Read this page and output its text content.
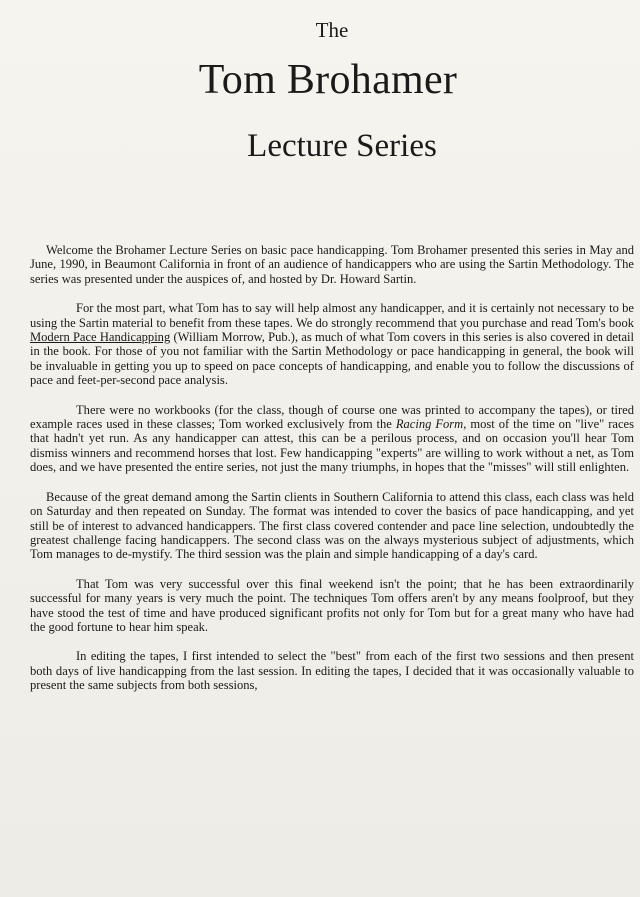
The
Tom Brohamer
Lecture Series

Welcome the Brohamer Lecture Series on basic pace handicapping. Tom Brohamer presented this series in May and June, 1990, in Beaumont California in front of an audience of handicappers who are using the Sartin Methodology. The series was presented under the auspices of, and hosted by Dr. Howard Sartin.

For the most part, what Tom has to say will help almost any handicapper, and it is certainly not necessary to be using the Sartin material to benefit from these tapes. We do strongly recommend that you purchase and read Tom's book Modern Pace Handicapping (William Morrow, Pub.), as much of what Tom covers in this series is also covered in detail in the book. For those of you not familiar with the Sartin Methodology or pace handicapping in general, the book will be invaluable in getting you up to speed on pace concepts of handicapping, and enable you to follow the discussions of pace and feet-per-second pace analysis.

There were no workbooks (for the class, though of course one was printed to accompany the tapes), or tired example races used in these classes; Tom worked exclusively from the Racing Form, most of the time on "live" races that hadn't yet run. As any handicapper can attest, this can be a perilous process, and on occasion you'll hear Tom dismiss winners and recommend horses that lost. Few handicapping "experts" are willing to work without a net, as Tom does, and we have presented the entire series, not just the many triumphs, in hopes that the "misses" will still enlighten.

Because of the great demand among the Sartin clients in Southern California to attend this class, each class was held on Saturday and then repeated on Sunday. The format was intended to cover the basics of pace handicapping, and yet still be of interest to advanced handicappers. The first class covered contender and pace line selection, undoubtedly the greatest challenge facing handicappers. The second class was on the always mysterious subject of adjustments, which Tom manages to de-mystify. The third session was the plain and simple handicapping of a day's card.

That Tom was very successful over this final weekend isn't the point; that he has been extraordinarily successful for many years is very much the point. The techniques Tom offers aren't by any means foolproof, but they have stood the test of time and have produced significant profits not only for Tom but for a great many who have had the good fortune to hear him speak.

In editing the tapes, I first intended to select the "best" from each of the first two sessions and then present both days of live handicapping from the last session. In editing the tapes, I decided that it was occasionally valuable to present the same subjects from both sessions,
